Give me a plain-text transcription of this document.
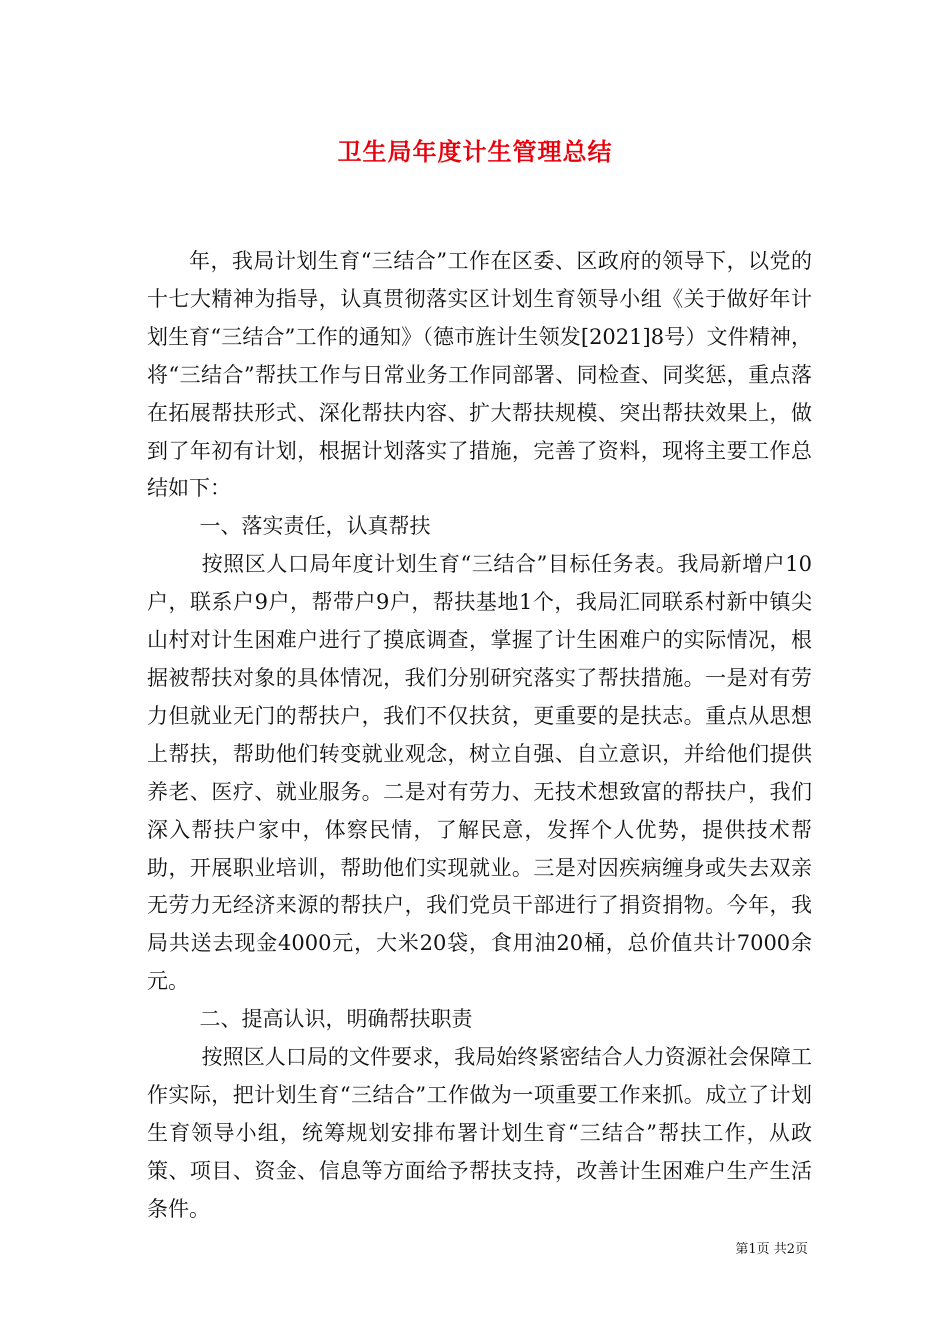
卫生局年度计生管理总结

年，我局计划生育“三结合”工作在区委、区政府的领导下，以党的十七大精神为指导，认真贯彻落实区计划生育领导小组《关于做好年计划生育“三结合”工作的通知》（德市旌计生领发[2021]8号）文件精神，将“三结合”帮扶工作与日常业务工作同部署、同检查、同奖惩，重点落在拓展帮扶形式、深化帮扶内容、扩大帮扶规模、突出帮扶效果上，做到了年初有计划，根据计划落实了措施，完善了资料，现将主要工作总结如下：

一、落实责任，认真帮扶

按照区人口局年度计划生育“三结合”目标任务表。我局新增户10户，联系户9户，帮带户9户，帮扶基地1个，我局汇同联系村新中镇尖山村对计生困难户进行了摸底调查，掌握了计生困难户的实际情况，根据被帮扶对象的具体情况，我们分别研究落实了帮扶措施。一是对有劳力但就业无门的帮扶户，我们不仅扶贫，更重要的是扶志。重点从思想上帮扶，帮助他们转变就业观念，树立自强、自立意识，并给他们提供养老、医疗、就业服务。二是对有劳力、无技术想致富的帮扶户，我们深入帮扶户家中，体察民情，了解民意，发挥个人优势，提供技术帮助，开展职业培训，帮助他们实现就业。三是对因疾病缠身或失去双亲无劳力无经济来源的帮扶户，我们党员干部进行了捐资捐物。今年，我局共送去现金4000元，大米20袋，食用油20桶，总价值共计7000余元。

二、提高认识，明确帮扶职责

按照区人口局的文件要求，我局始终紧密结合人力资源社会保障工作实际，把计划生育“三结合”工作做为一项重要工作来抓。成立了计划生育领导小组，统筹规划安排布署计划生育“三结合”帮扶工作，从政策、项目、资金、信息等方面给予帮扶支持，改善计生困难户生产生活条件。

第1页 共2页
